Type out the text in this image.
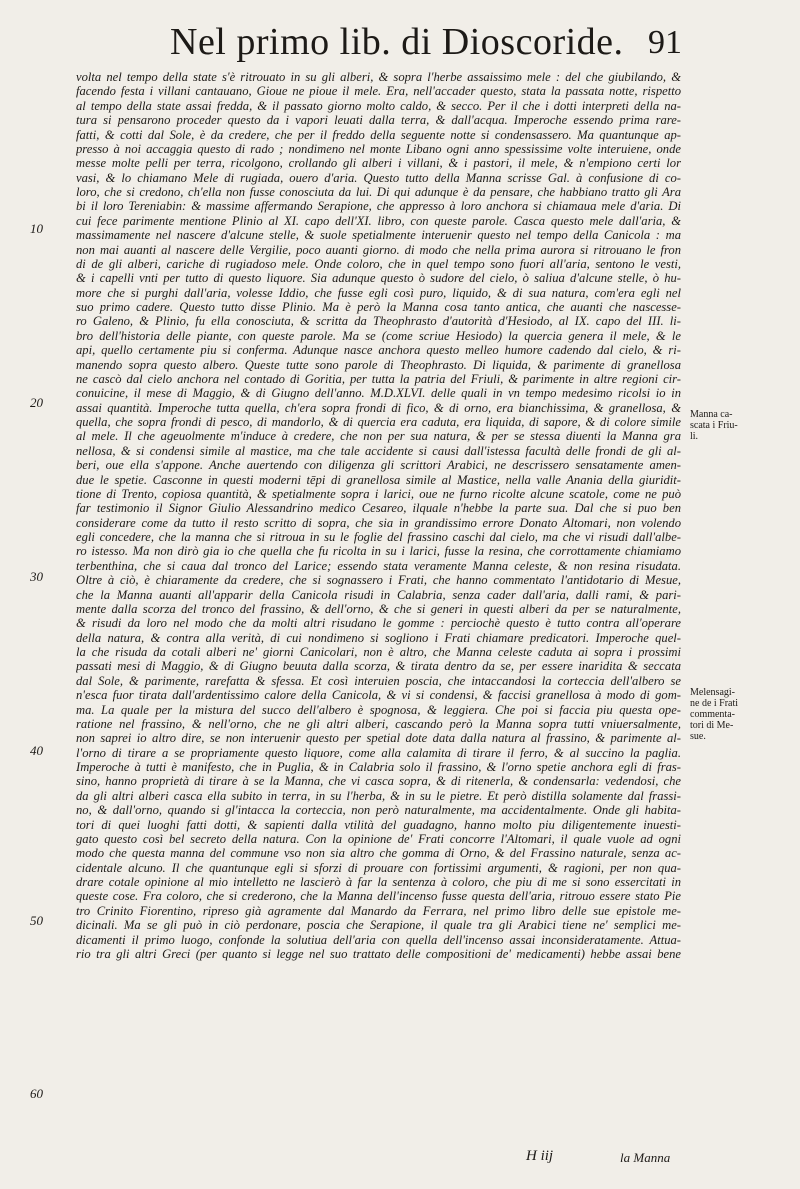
Nel primo lib. di Dioscoride. 91
10
20
30
40
50
60
Manna ca-
scata i Friu-
li.
Melensagi-
ne de i Frati
commenta-
tori di Me-
sue.
volta nel tempo della state s'è ritrouato in su gli alberi, & sopra l'herbe assaissimo mele : del che giubilando, &
facendo festa i villani cantauano, Gioue ne pioue il mele. Era, nell'accader questo, stata la passata notte, rispetto
al tempo della state assai fredda, & il passato giorno molto caldo, & secco. Per il che i dotti interpreti della na-
tura si pensarono proceder questo da i vapori leuati dalla terra, & dall'acqua. Imperoche essendo prima rare-
fatti, & cotti dal Sole, è da credere, che per il freddo della seguente notte si condensassero. Ma quantunque ap-
presso à noi accaggia questo di rado ; nondimeno nel monte Libano ogni anno spessissime volte interuiene, onde
messe molte pelli per terra, ricolgono, crollando gli alberi i villani, & i pastori, il mele, & n'empiono certi lor
vasi, & lo chiamano Mele di rugiada, ouero d'aria. Questo tutto della Manna scrisse Gal. à confusione di co-
loro, che si credono, ch'ella non fusse conosciuta da lui. Di qui adunque è da pensare, che habbiano tratto gli Ara
bi il loro Tereniabin: & massime affermando Serapione, che appresso à loro anchora si chiamaua mele d'aria. Di
cui fece parimente mentione Plinio al XI. capo dell'XI. libro, con queste parole. Casca questo mele dall'aria, &
massimamente nel nascere d'alcune stelle, & suole spetialmente interuenir questo nel tempo della Canicola : ma
non mai auanti al nascere delle Vergilie, poco auanti giorno. di modo che nella prima aurora si ritrouano le fron
di de gli alberi, cariche di rugiadoso mele. Onde coloro, che in quel tempo sono fuori all'aria, sentono le vesti,
& i capelli vnti per tutto di questo liquore. Sia adunque questo ò sudore del cielo, ò saliua d'alcune stelle, ò hu-
more che si purghi dall'aria, volesse Iddio, che fusse egli così puro, liquido, & di sua natura, com'era egli nel
suo primo cadere. Questo tutto disse Plinio. Ma è però la Manna cosa tanto antica, che auanti che nascesse-
ro Galeno, & Plinio, fu ella conosciuta, & scritta da Theophrasto d'autorità d'Hesiodo, al IX. capo del III. li-
bro dell'historia delle piante, con queste parole. Ma se (come scriue Hesiodo) la quercia genera il mele, & le
api, quello certamente piu si conferma. Adunque nasce anchora questo melleo humore cadendo dal cielo, & ri-
manendo sopra questo albero. Queste tutte sono parole di Theophrasto. Di liquida, & parimente di granellosa
ne cascò dal cielo anchora nel contado di Goritia, per tutta la patria del Friuli, & parimente in altre regioni cir-
conuicine, il mese di Maggio, & di Giugno dell'anno. M.D.XLVI. delle quali in vn tempo medesimo ricolsi io in
assai quantità. Imperoche tutta quella, ch'era sopra frondi di fico, & di orno, era bianchissima, & granellosa, &
quella, che sopra frondi di pesco, di mandorlo, & di quercia era caduta, era liquida, di sapore, & di colore simile
al mele. Il che ageuolmente m'induce à credere, che non per sua natura, & per se stessa diuenti la Manna gra
nellosa, & si condensi simile al mastice, ma che tale accidente si causi dall'istessa facultà delle frondi de gli al-
beri, oue ella s'appone. Anche auertendo con diligenza gli scrittori Arabici, ne descrissero sensatamente amen-
due le spetie. Casconne in questi moderni tēpi di granellosa simile al Mastice, nella valle Anania della giuridit-
tione di Trento, copiosa quantità, & spetialmente sopra i larici, oue ne furno ricolte alcune scatole, come ne può
far testimonio il Signor Giulio Alessandrino medico Cesareo, ilquale n'hebbe la parte sua. Dal che si puo ben
considerare come da tutto il resto scritto di sopra, che sia in grandissimo errore Donato Altomari, non volendo
egli concedere, che la manna che si ritroua in su le foglie del frassino caschi dal cielo, ma che vi risudi dall'albe-
ro istesso. Ma non dirò gia io che quella che fu ricolta in su i larici, fusse la resina, che corrottamente chiamiamo
terbenthina, che si caua dal tronco del Larice; essendo stata veramente Manna celeste, & non resina risudata.
Oltre à ciò, è chiaramente da credere, che si sognassero i Frati, che hanno commentato l'antidotario di Mesue,
che la Manna auanti all'apparir della Canicola risudi in Calabria, senza cader dall'aria, dalli rami, & pari-
mente dalla scorza del tronco del frassino, & dell'orno, & che si generi in questi alberi da per se naturalmente,
& risudi da loro nel modo che da molti altri risudano le gomme : perciochè questo è tutto contra all'operare
della natura, & contra alla verità, di cui nondimeno si sogliono i Frati chiamare predicatori. Imperoche quel-
la che risuda da cotali alberi ne' giorni Canicolari, non è altro, che Manna celeste caduta ai sopra i prossimi
passati mesi di Maggio, & di Giugno beuuta dalla scorza, & tirata dentro da se, per essere inaridita & seccata
dal Sole, & parimente, rarefatta & sfessa. Et così interuien poscia, che intaccandosi la corteccia dell'albero se
n'esca fuor tirata dall'ardentissimo calore della Canicola, & vi si condensi, & faccisi granellosa à modo di gom-
ma. La quale per la mistura del succo dell'albero è spognosa, & leggiera. Che poi si faccia piu questa ope-
ratione nel frassino, & nell'orno, che ne gli altri alberi, cascando però la Manna sopra tutti vniuersalmente,
non saprei io altro dire, se non interuenir questo per spetial dote data dalla natura al frassino, & parimente al-
l'orno di tirare a se propriamente questo liquore, come alla calamita di tirare il ferro, & al succino la paglia.
Imperoche à tutti è manifesto, che in Puglia, & in Calabria solo il frassino, & l'orno spetie anchora egli di fras-
sino, hanno proprietà di tirare à se la Manna, che vi casca sopra, & di ritenerla, & condensarla: vedendosi, che
da gli altri alberi casca ella subito in terra, in su l'herba, & in su le pietre. Et però distilla solamente dal frassi-
no, & dall'orno, quando si gl'intacca la corteccia, non però naturalmente, ma accidentalmente. Onde gli habita-
tori di quei luoghi fatti dotti, & sapienti dalla vtilità del guadagno, hanno molto piu diligentemente inuesti-
gato questo così bel secreto della natura. Con la opinione de' Frati concorre l'Altomari, il quale vuole ad ogni
modo che questa manna del commune vso non sia altro che gomma di Orno, & del Frassino naturale, senza ac-
cidentale alcuno. Il che quantunque egli si sforzi di prouare con fortissimi argumenti, & ragioni, per non qua-
drare cotale opinione al mio intelletto ne lascierò à far la sentenza à coloro, che piu di me si sono essercitati in
queste cose. Fra coloro, che si crederono, che la Manna dell'incenso fusse questa dell'aria, ritrouo essere stato Pie
tro Crinito Fiorentino, ripreso già agramente dal Manardo da Ferrara, nel primo libro delle sue epistole me-
dicinali. Ma se gli può in ciò perdonare, poscia che Serapione, il quale tra gli Arabici tiene ne' semplici me-
dicamenti il primo luogo, confonde la solutiua dell'aria con quella dell'incenso assai inconsideratamente. Attua-
rio tra gli altri Greci (per quanto si legge nel suo trattato delle compositioni de' medicamenti) hebbe assai bene
H iij	la Manna
